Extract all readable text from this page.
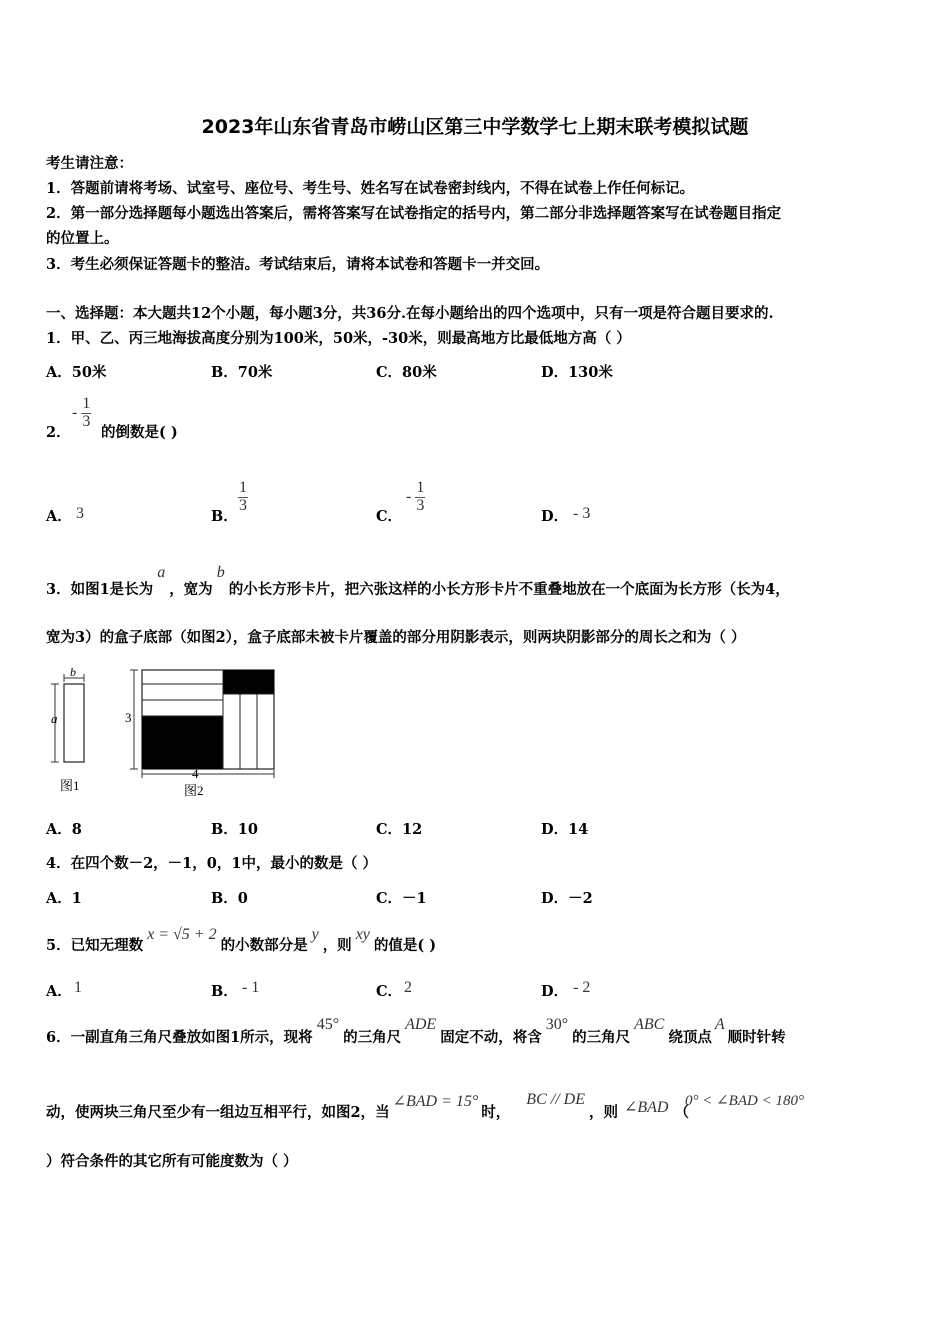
2023年山东省青岛市崂山区第三中学数学七上期末联考模拟试题
考生请注意：
1．答题前请将考场、试室号、座位号、考生号、姓名写在试卷密封线内，不得在试卷上作任何标记。
2．第一部分选择题每小题选出答案后，需将答案写在试卷指定的括号内，第二部分非选择题答案写在试卷题目指定
的位置上。
3．考生必须保证答题卡的整洁。考试结束后，请将本试卷和答题卡一并交回。
一、选择题：本大题共12个小题，每小题3分，共36分.在每小题给出的四个选项中，只有一项是符合题目要求的.
1．甲、乙、丙三地海拔高度分别为100米，50米，-30米，则最高地方比最低地方高（ ）
A．50米	B．70米	C．80米	D．130米
2．
- $\frac{1}{3}$
的倒数是( )
A． 3	B．
$\frac{1}{3}$
C．
- $\frac{1}{3}$
D． - 3
3．如图1是长为
a
，宽为
b
的小长方形卡片，把六张这样的小长方形卡片不重叠地放在一个底面为长方形（长为4，
宽为3）的盒子底部（如图2），盒子底部未被卡片覆盖的部分用阴影表示，则两块阴影部分的周长之和为（ ）
b
a
图1
3
4
图2
A．8	B．10	C．12	D．14
4．在四个数－2，－1，0，1中，最小的数是（ ）
A．1	B．0	C．－1	D．－2
5．已知无理数
x = √5 + 2
的小数部分是
y
，则
xy
的值是( )
A． 1	B． - 1	C． 2	D． - 2
6．一副直角三角尺叠放如图1所示，现将
45°
的三角尺
ADE
固定不动，将含
30°
的三角尺
ABC
绕顶点
A
顺时针转
动，使两块三角尺至少有一组边互相平行，如图2，当
∠BAD = 15°
时，
BC // DE
，则 ∠BAD （
0° < ∠BAD < 180°
）符合条件的其它所有可能度数为（ ）
